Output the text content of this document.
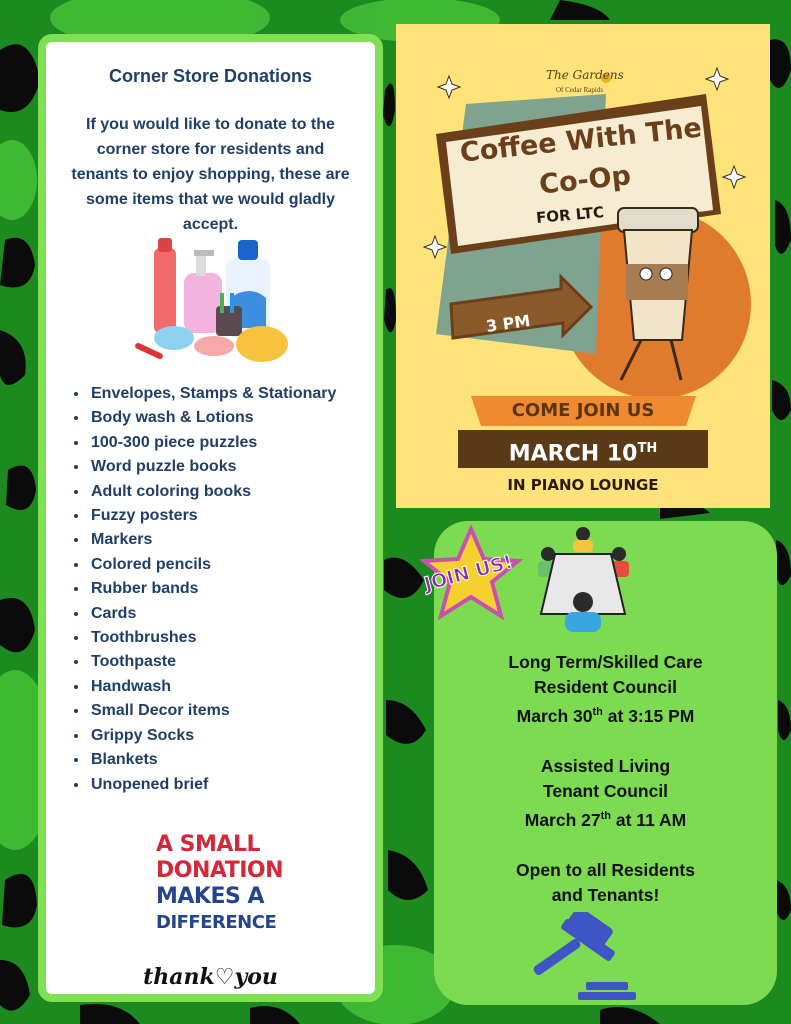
Corner Store Donations
If you would like to donate to the corner store for residents and tenants to enjoy shopping, these are some items that we would gladly accept.
• Envelopes, Stamps & Stationary
• Body wash & Lotions
• 100-300 piece puzzles
• Word puzzle books
• Adult coloring books
• Fuzzy posters
• Markers
• Colored pencils
• Rubber bands
• Cards
• Toothbrushes
• Toothpaste
• Handwash
• Small Decor items
• Grippy Socks
• Blankets
• Unopened brief
A SMALL
DONATION
MAKES A
DIFFERENCE
thank♡you
The Gardens
Of Cedar Rapids
Coffee With The Co-Op
FOR LTC
3 PM
COME JOIN US
MARCH 10TH
IN PIANO LOUNGE
JOIN US!

Long Term/Skilled Care
Resident Council
March 30th at 3:15 PM

Assisted Living
Tenant Council
March 27th at 11 AM

Open to all Residents
and Tenants!
